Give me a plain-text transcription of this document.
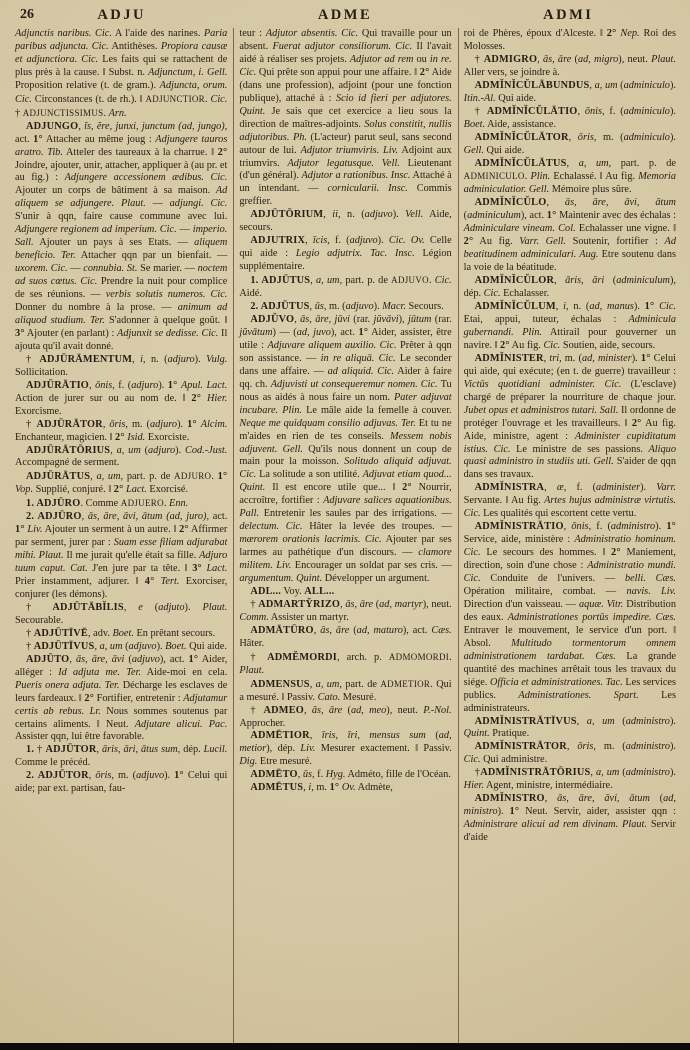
26	ADJU	ADME	ADMI

Adjunctis naribus. Cic. A l'aide des narines. Paria paribus adjuncta. Cic. Antithèses. Propiora causæ et adjunctiora. Cic. Les faits qui se rattachent de plus près à la cause. ‖ Subst. n. Adjunctum, i. Gell. Proposition relative (t. de gram.). Adjuncta, orum. Cic. Circonstances (t. de rh.). ‖ ADJUNCTIOR. Cic. † ADJUNCTISSIMUS. Arn.

ADJUNGO, ĭs, ĕre, junxi, junctum (ad, jungo), act. 1° Attacher au même joug : Adjungere tauros aratro. Tib. Atteler des taureaux à la charrue. ‖ 2° Joindre, ajouter, unir, attacher, appliquer à (au pr. et au fig.) : Adjungere accessionem ædibus. Cic. Ajouter un corps de bâtiment à sa maison. Ad aliquem se adjungere. Plaut. — adjungi. Cic. S'unir à qqn, faire cause commune avec lui. Adjungere regionem ad imperium. Cic. — imperio. Sall. Ajouter un pays à ses Etats. — aliquem beneficio. Ter. Attacher qqn par un bienfait. — uxorem. Cic. — connubia. St. Se marier. — noctem ad suos cœtus. Cic. Prendre la nuit pour complice de ses réunions. — verbis solutis numeros. Cic. Donner du nombre à la prose. — animum ad aliquod studium. Ter. S'adonner à quelque goût. ‖ 3° Ajouter (en parlant) : Adjunxit se dedisse. Cic. Il ajouta qu'il avait donné.

† ADJŪRĀMENTUM, i, n. (adjuro). Vulg. Sollicitation.

ADJŪRĀTIO, ōnis, f. (adjuro). 1° Apul. Lact. Action de jurer sur ou au nom de. ‖ 2° Hier. Exorcisme.

† ADJŪRĀTOR, ōris, m. (adjuro). 1° Alcim. Enchanteur, magicien. ‖ 2° Isid. Exorciste.

ADJŪRĀTŌRIUS, a, um (adjuro). Cod.-Just. Accompagné de serment.

ADJŪRĀTUS, a, um, part. p. de ADJURO. 1° Vop. Supplié, conjuré. ‖ 2° Lact. Exorcisé.

1. ADJŪRO. Comme ADJUERO. Enn.

2. ADJŪRO, ās, āre, āvi, ātum (ad, juro), act. 1° Liv. Ajouter un serment à un autre. ‖ 2° Affirmer par serment, jurer par : Suam esse filiam adjurabat mihi. Plaut. Il me jurait qu'elle était sa fille. Adjuro tuum caput. Cat. J'en jure par ta tête. ‖ 3° Lact. Prier instamment, adjurer. ‖ 4° Tert. Exorciser, conjurer (les démons).

† ADJŪTĀBĬLIS, e (adjuto). Plaut. Secourable.

† ADJŪTĪVĒ, adv. Boet. En prêtant secours.

† ADJŪTĪVUS, a, um (adjuvo). Boet. Qui aide.

ADJŪTO, ās, āre, āvi (adjuvo), act. 1° Aider, alléger : Id adjuta me. Ter. Aide-moi en cela. Pueris onera adjuta. Ter. Décharge les esclaves de leurs fardeaux. ‖ 2° Fortifier, entretenir : Adjutamur certis ab rebus. Lr. Nous sommes soutenus par certains aliments. ‖ Neut. Adjutare alicui. Pac. Assister qqn, lui être favorable.

1. † ADJŪTOR, āris, āri, ātus sum, dép. Lucil. Comme le précéd.

2. ADJŪTOR, ōris, m. (adjuvo). 1° Celui qui aide; par ext. partisan, fau-

teur : Adjutor absentis. Cic. Qui travaille pour un absent. Fuerat adjutor consiliorum. Cic. Il l'avait aidé à réaliser ses projets. Adjutor ad rem ou in re. Cic. Qui prête son appui pour une affaire. ‖ 2° Aide (dans une profession), adjoint (pour une fonction publique), attaché à : Scio id fieri per adjutores. Quint. Je sais que cet exercice a lieu sous la direction de maîtres-adjoints. Solus constitit, nullis adjutoribus. Ph. (L'acteur) parut seul, sans second autour de lui. Adjutor triumviris. Liv. Adjoint aux triumvirs. Adjutor legatusque. Vell. Lieutenant (d'un général). Adjutor a rationibus. Insc. Attaché à un intendant. — cornicularii. Insc. Commis greffier.

ADJŪTŌRIUM, ii, n. (adjuvo). Vell. Aide, secours.

ADJUTRIX, īcis, f. (adjuvo). Cic. Ov. Celle qui aide : Legio adjutrix. Tac. Insc. Légion supplémentaire.

1. ADJŪTUS, a, um, part. p. de ADJUVO. Cic. Aidé.

2. ADJŪTUS, ūs, m. (adjuvo). Macr. Secours.

ADJŬVO, ās, āre, jūvi (rar. jŭvāvi), jūtum (rar. jŭvātum) — (ad, juvo), act. 1° Aider, assister, être utile : Adjuvare aliquem auxilio. Cic. Prêter à qqn son assistance. — in re aliquā. Cic. Le seconder dans une affaire. — ad aliquid. Cic. Aider à faire qq. ch. Adjuvisti ut consequeremur nomen. Cic. Tu nous as aidés à nous faire un nom. Pater adjuvat incubare. Plin. Le mâle aide la femelle à couver. Neque me quidquam consilio adjuvas. Ter. Et tu ne m'aides en rien de tes conseils. Messem nobis adjuvent. Gell. Qu'ils nous donnent un coup de main pour la moisson. Solitudo aliquid adjuvat. Cic. La solitude a son utilité. Adjuvat etiam quod... Quint. Il est encore utile que... ‖ 2° Nourrir, accroître, fortifier : Adjuvare salices aquationibus. Pall. Entretenir les saules par des irrigations. — delectum. Cic. Hâter la levée des troupes. — mærorem orationis lacrimis. Cic. Ajouter par ses larmes au pathétique d'un discours. — clamore militem. Liv. Encourager un soldat par ses cris. — argumentum. Quint. Développer un argument.

ADL... Voy. ALL...

† ADMARTY̆RIZO, ās, āre (ad, martyr), neut. Comm. Assister un martyr.

ADMĀTŪRO, ās, āre (ad, maturo), act. Cæs. Hâter.

† ADMĔMORDI, arch. p. ADMOMORDI. Plaut.

ADMENSUS, a, um, part. de ADMETIOR. Qui a mesuré. ‖ Passiv. Cato. Mesuré.

† ADMEO, ās, āre (ad, meo), neut. P.-Nol. Approcher.

ADMĒTIOR, īris, īri, mensus sum (ad, metior), dép. Liv. Mesurer exactement. ‖ Passiv. Dig. Etre mesuré.

ADMĒTO, ūs, f. Hyg. Adméto, fille de l'Océan.

ADMĒTUS, i, m. 1° Ov. Admète,

roi de Phères, époux d'Alceste. ‖ 2° Nep. Roi des Molosses.

† ADMIGRO, ās, āre (ad, migro), neut. Plaut. Aller vers, se joindre à.

ADMĬNĬCŬLĀBUNDUS, a, um (adminiculo). Itin.-Al. Qui aide.

† ADMĬNĬCŬLĀTIO, ōnis, f. (adminiculo). Boet. Aide, assistance.

ADMĬNĬCŬLĀTOR, ōris, m. (adminiculo). Gell. Qui aide.

ADMĬNĬCŬLĀTUS, a, um, part. p. de ADMINICULO. Plin. Echalassé. ‖ Au fig. Memoria adminiculatior. Gell. Mémoire plus sûre.

ADMĬNĬCŬLO, ās, āre, āvi, ātum (adminiculum), act. 1° Maintenir avec des échalas : Adminiculare vineam. Col. Echalasser une vigne. ‖ 2° Au fig. Varr. Gell. Soutenir, fortifier : Ad beatitudinem adminiculari. Aug. Etre soutenu dans la voie de la béatitude.

ADMĬNĬCŬLOR, āris, āri (adminiculum), dép. Cic. Echalasser.

ADMĬNĬCŬLUM, i, n. (ad, manus). 1° Cic. Etai, appui, tuteur, échalas : Adminicula gubernandi. Plin. Attirail pour gouverner un navire. ‖ 2° Au fig. Cic. Soutien, aide, secours.

ADMĬNISTER, tri, m. (ad, minister). 1° Celui qui aide, qui exécute; (en t. de guerre) travailleur : Victūs quotidiani administer. Cic. (L'esclave) chargé de préparer la nourriture de chaque jour. Jubet opus et administros tutari. Sall. Il ordonne de protéger l'ouvrage et les travailleurs. ‖ 2° Au fig. Aide, ministre, agent : Administer cupiditatum istius. Cic. Le ministre de ses passions. Aliquo quasi administro in studiis uti. Gell. S'aider de qqn dans ses travaux.

ADMĬNISTRA, æ, f. (administer). Varr. Servante. ‖ Au fig. Artes hujus administræ virtutis. Cic. Les qualités qui escortent cette vertu.

ADMĬNISTRĀTIO, ōnis, f. (administro). 1° Service, aide, ministère : Administratio hominum. Cic. Le secours des hommes. ‖ 2° Maniement, direction, soin d'une chose : Administratio mundi. Cic. Conduite de l'univers. — belli. Cæs. Opération militaire, combat. — navis. Liv. Direction d'un vaisseau. — aquæ. Vitr. Distribution des eaux. Administrationes portūs impedire. Cæs. Entraver le mouvement, le service d'un port. ‖ Absol. Multitudo tormentorum omnem administrationem tardabat. Cæs. La grande quantité des machines arrêtait tous les travaux du siége. Officia et administrationes. Tac. Les services publics. Administrationes. Spart. Les administrateurs.

ADMĬNISTRĀTĪVUS, a, um (administro). Quint. Pratique.

ADMĬNISTRĀTOR, ōris, m. (administro). Cic. Qui administre.

†ADMĬNISTRĀTŌRIUS, a, um (administro). Hier. Agent, ministre, intermédiaire.

ADMĬNISTRO, ās, āre, āvi, ātum (ad, ministro). 1° Neut. Servir, aider, assister qqn : Administrare alicui ad rem divinam. Plaut. Servir d'aide
